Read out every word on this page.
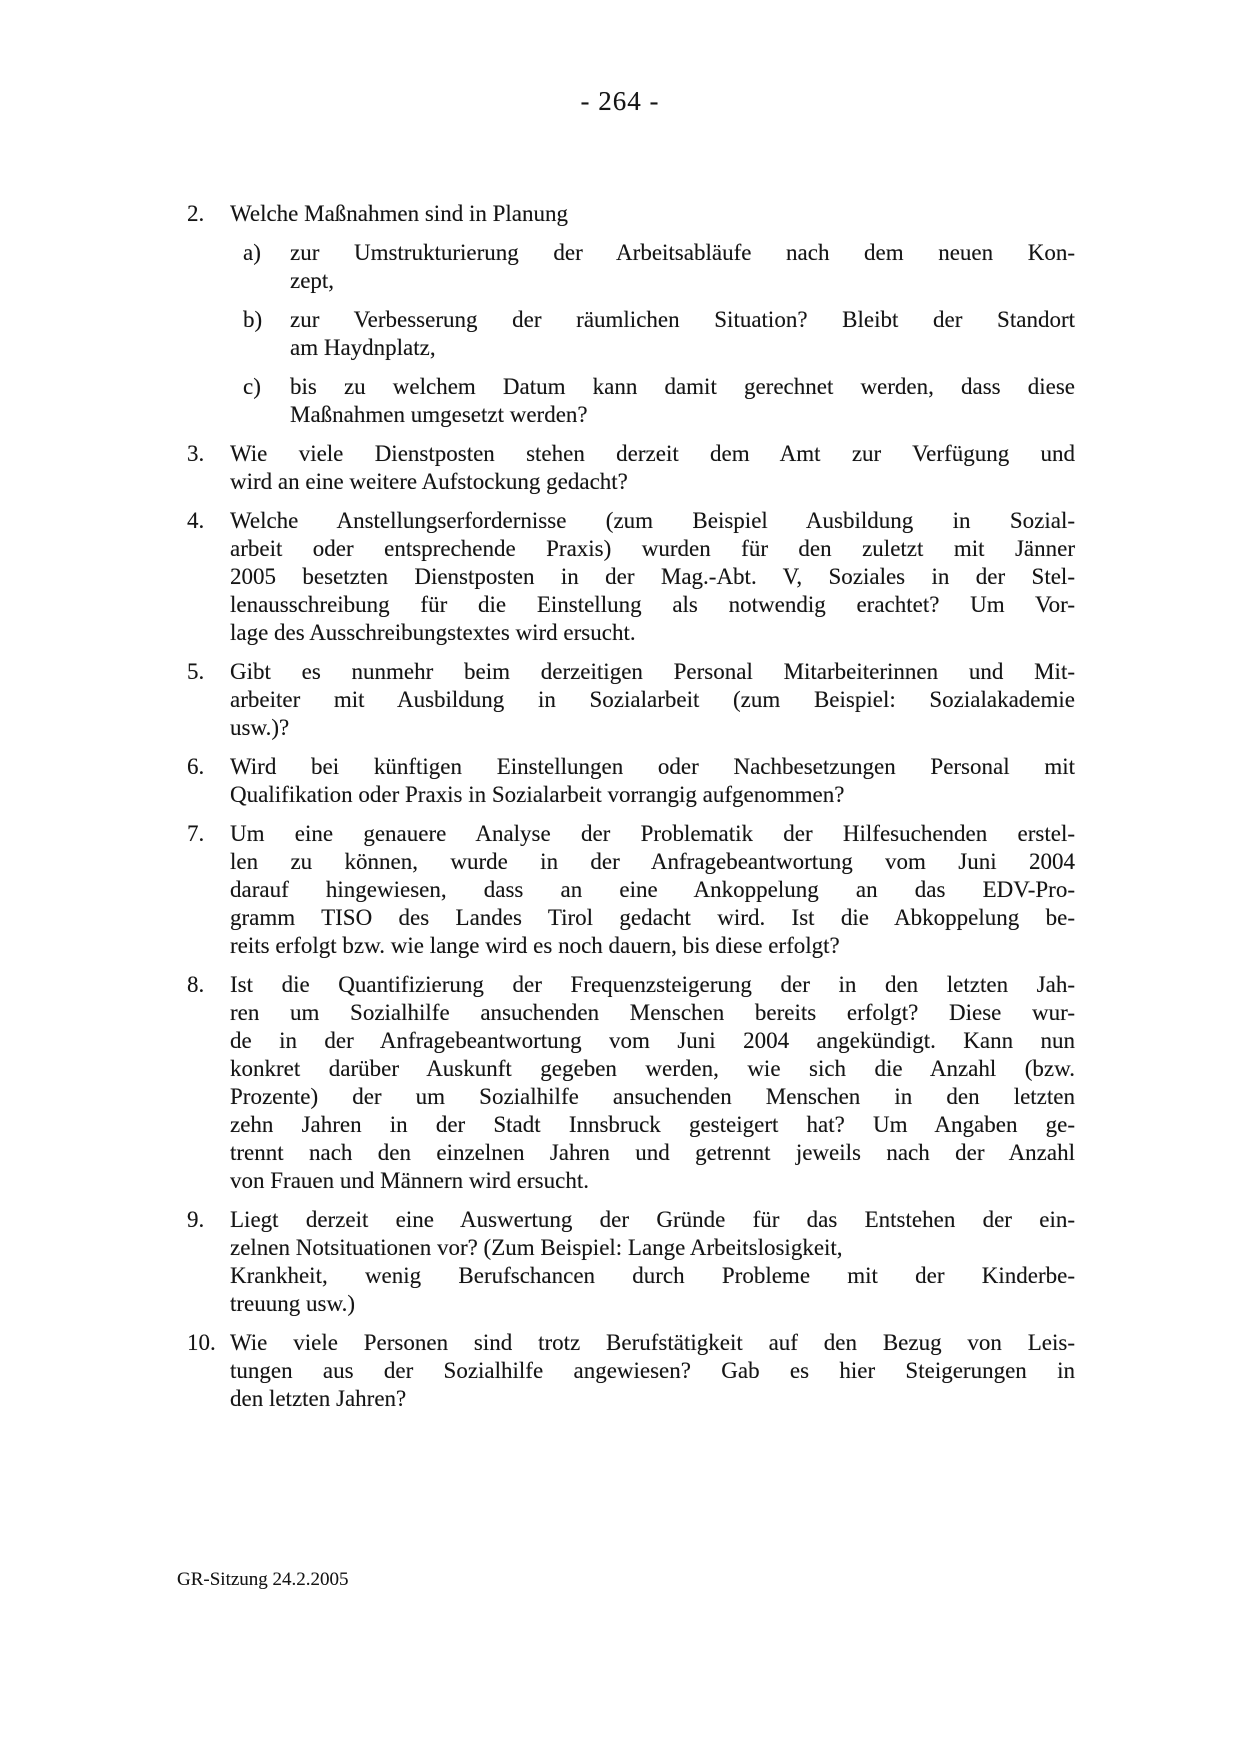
- 264 -
2.	Welche Maßnahmen sind in Planung
a)	zur Umstrukturierung der Arbeitsabläufe nach dem neuen Kon-
zept,
b)	zur Verbesserung der räumlichen Situation? Bleibt der Standort
am Haydnplatz,
c)	bis zu welchem Datum kann damit gerechnet werden, dass diese
Maßnahmen umgesetzt werden?
3.	Wie viele Dienstposten stehen derzeit dem Amt zur Verfügung und
wird an eine weitere Aufstockung gedacht?
4.	Welche Anstellungserfordernisse (zum Beispiel Ausbildung in Sozial-
arbeit oder entsprechende Praxis) wurden für den zuletzt mit Jänner
2005 besetzten Dienstposten in der Mag.-Abt. V, Soziales in der Stel-
lenausschreibung für die Einstellung als notwendig erachtet? Um Vor-
lage des Ausschreibungstextes wird ersucht.
5.	Gibt es nunmehr beim derzeitigen Personal Mitarbeiterinnen und Mit-
arbeiter mit Ausbildung in Sozialarbeit (zum Beispiel: Sozialakademie
usw.)?
6.	Wird bei künftigen Einstellungen oder Nachbesetzungen Personal mit
Qualifikation oder Praxis in Sozialarbeit vorrangig aufgenommen?
7.	Um eine genauere Analyse der Problematik der Hilfesuchenden erstel-
len zu können, wurde in der Anfragebeantwortung vom Juni 2004
darauf hingewiesen, dass an eine Ankoppelung an das EDV-Pro-
gramm TISO des Landes Tirol gedacht wird. Ist die Abkoppelung be-
reits erfolgt bzw. wie lange wird es noch dauern, bis diese erfolgt?
8.	Ist die Quantifizierung der Frequenzsteigerung der in den letzten Jah-
ren um Sozialhilfe ansuchenden Menschen bereits erfolgt? Diese wur-
de in der Anfragebeantwortung vom Juni 2004 angekündigt. Kann nun
konkret darüber Auskunft gegeben werden, wie sich die Anzahl (bzw.
Prozente) der um Sozialhilfe ansuchenden Menschen in den letzten
zehn Jahren in der Stadt Innsbruck gesteigert hat? Um Angaben ge-
trennt nach den einzelnen Jahren und getrennt jeweils nach der Anzahl
von Frauen und Männern wird ersucht.
9.	Liegt derzeit eine Auswertung der Gründe für das Entstehen der ein-
zelnen Notsituationen vor? (Zum Beispiel: Lange Arbeitslosigkeit,
Krankheit, wenig Berufschancen durch Probleme mit der Kinderbe-
treuung usw.)
10. Wie viele Personen sind trotz Berufstätigkeit auf den Bezug von Leis-
tungen aus der Sozialhilfe angewiesen? Gab es hier Steigerungen in
den letzten Jahren?
GR-Sitzung 24.2.2005
